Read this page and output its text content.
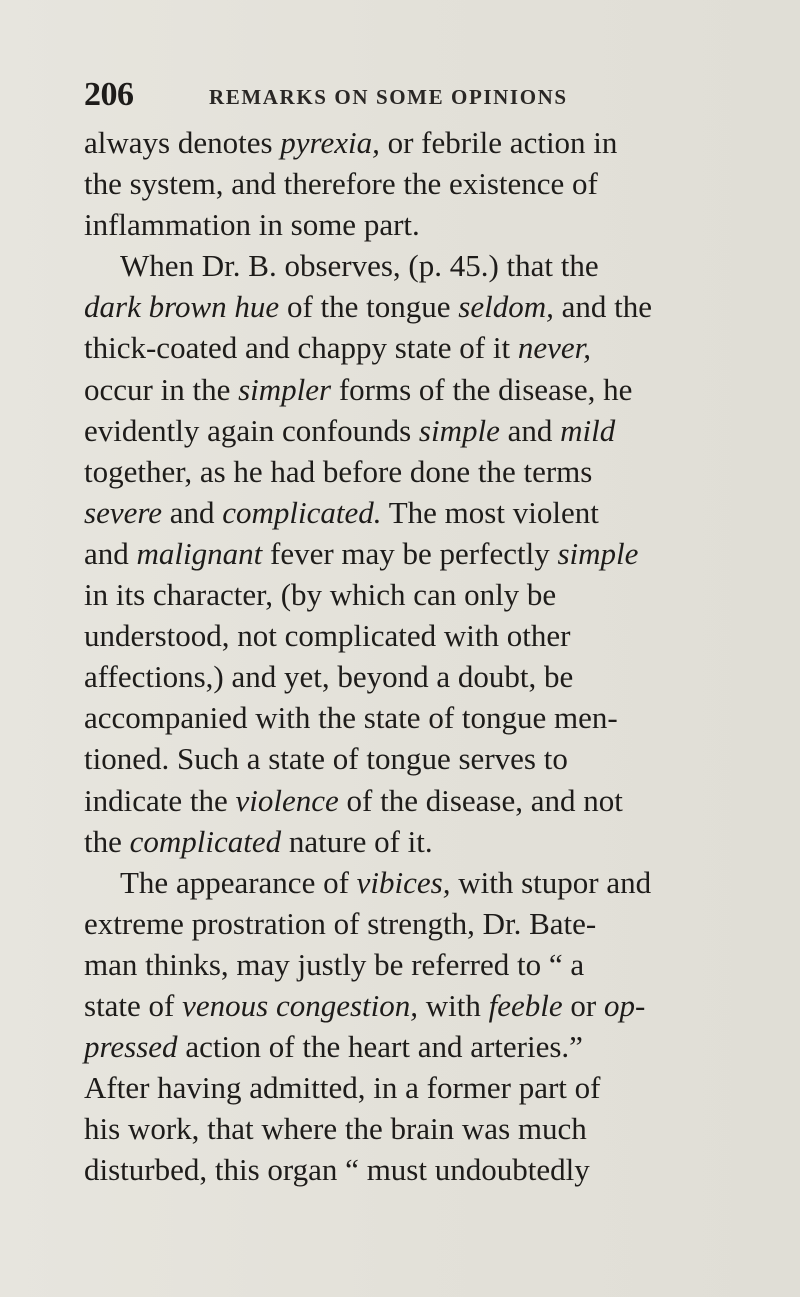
206	REMARKS ON SOME OPINIONS
always denotes pyrexia, or febrile action in
the system, and therefore the existence of
inflammation in some part.
When Dr. B. observes, (p. 45.) that the
dark brown hue of the tongue seldom, and the
thick-coated and chappy state of it never,
occur in the simpler forms of the disease, he
evidently again confounds simple and mild
together, as he had before done the terms
severe and complicated. The most violent
and malignant fever may be perfectly simple
in its character, (by which can only be
understood, not complicated with other
affections,) and yet, beyond a doubt, be
accompanied with the state of tongue men-
tioned. Such a state of tongue serves to
indicate the violence of the disease, and not
the complicated nature of it.
The appearance of vibices, with stupor and
extreme prostration of strength, Dr. Bate-
man thinks, may justly be referred to “ a
state of venous congestion, with feeble or op-
pressed action of the heart and arteries.”
After having admitted, in a former part of
his work, that where the brain was much
disturbed, this organ “ must undoubtedly
